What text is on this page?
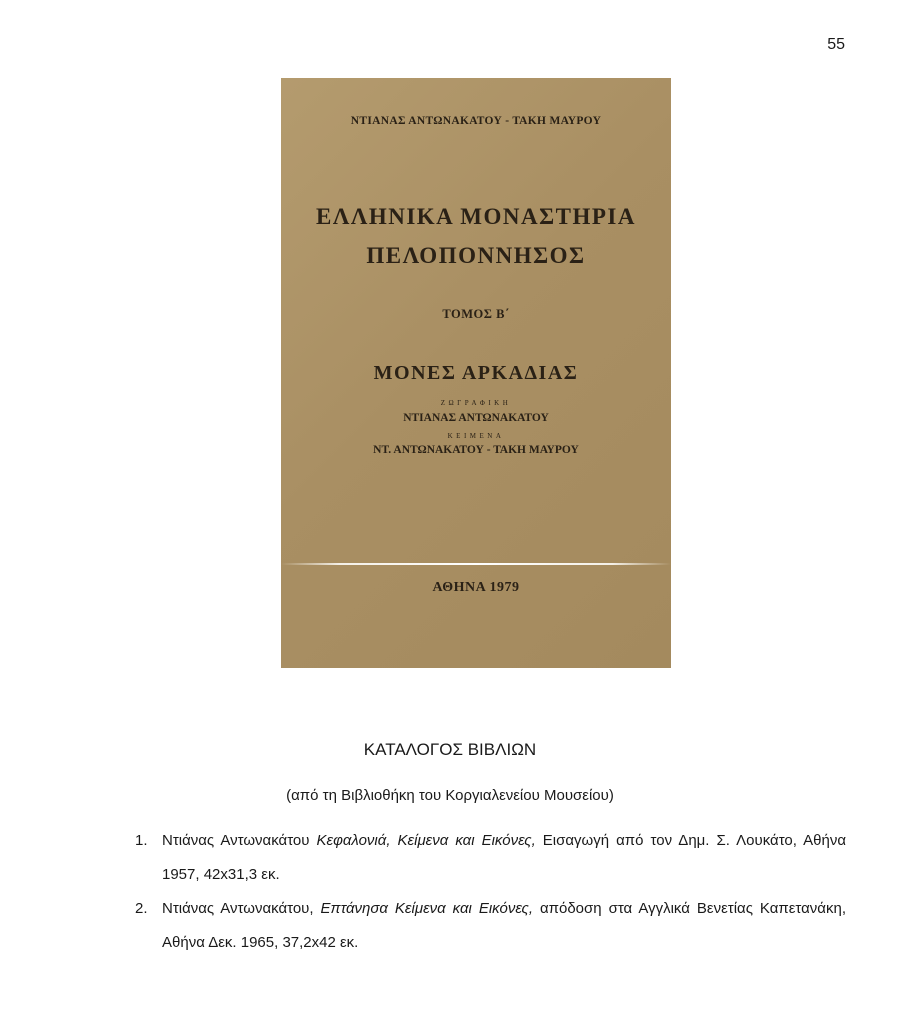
55
ΝΤΙΑΝΑΣ ΑΝΤΩΝΑΚΑΤΟΥ - ΤΑΚΗ ΜΑΥΡΟΥ
ΕΛΛΗΝΙΚΑ ΜΟΝΑΣΤΗΡΙΑ
ΠΕΛΟΠΟΝΝΗΣΟΣ
ΤΟΜΟΣ Β΄
ΜΟΝΕΣ ΑΡΚΑΔΙΑΣ
ΖΩΓΡΑΦΙΚΗ
ΝΤΙΑΝΑΣ ΑΝΤΩΝΑΚΑΤΟΥ
ΚΕΙΜΕΝΑ
ΝΤ. ΑΝΤΩΝΑΚΑΤΟΥ - ΤΑΚΗ ΜΑΥΡΟΥ
ΑΘΗΝΑ 1979
ΚΑΤΑΛΟΓΟΣ ΒΙΒΛΙΩΝ
(από τη Βιβλιοθήκη του Κοργιαλενείου Μουσείου)
1. Ντιάνας Αντωνακάτου Κεφαλονιά, Κείμενα και Εικόνες, Εισαγωγή από τον Δημ. Σ. Λουκάτο, Αθήνα 1957, 42x31,3 εκ.
2. Ντιάνας Αντωνακάτου, Επτάνησα Κείμενα και Εικόνες, απόδοση στα Αγγλικά Βενετίας Καπετανάκη, Αθήνα Δεκ. 1965, 37,2x42 εκ.
